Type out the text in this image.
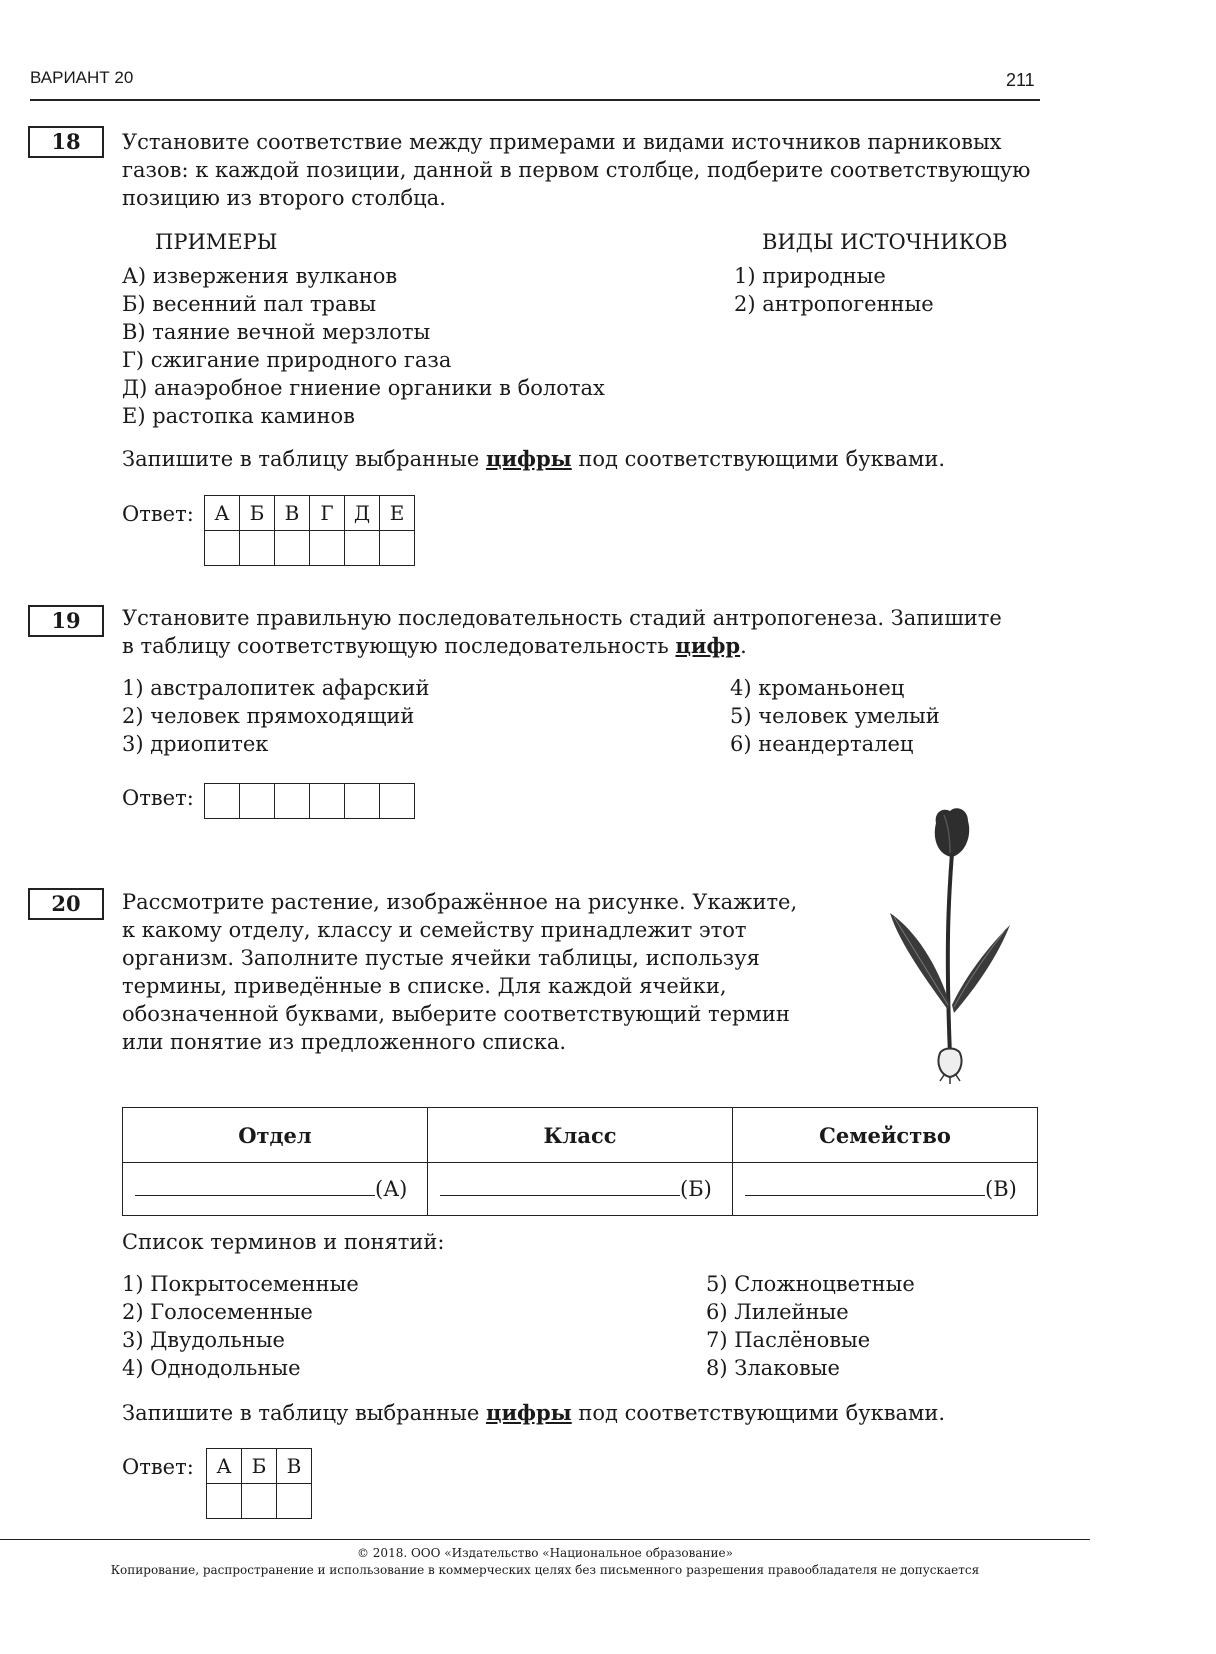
ВАРИАНТ 20	211
18	Установите соответствие между примерами и видами источников парниковых
газов: к каждой позиции, данной в первом столбце, подберите соответствующую
позицию из второго столбца.
ПРИМЕРЫ	ВИДЫ ИСТОЧНИКОВ
А) извержения вулканов
Б) весенний пал травы
В) таяние вечной мерзлоты
Г) сжигание природного газа
Д) анаэробное гниение органики в болотах
Е) растопка каминов
1) природные
2) антропогенные
Запишите в таблицу выбранные цифры под соответствующими буквами.
Ответ: А	Б	В	Г	Д	Е

19	Установите правильную последовательность стадий антропогенеза. Запишите
в таблицу соответствующую последовательность цифр.
1) австралопитек афарский
2) человек прямоходящий
3) дриопитек
4) кроманьонец
5) человек умелый
6) неандерталец
Ответ:

20	Рассмотрите растение, изображённое на рисунке. Укажите,
к какому отделу, классу и семейству принадлежит этот
организм. Заполните пустые ячейки таблицы, используя
термины, приведённые в списке. Для каждой ячейки,
обозначенной буквами, выберите соответствующий термин
или понятие из предложенного списка.
Отдел	Класс	Семейство
(А)	(Б)	(В)
Список терминов и понятий:
1) Покрытосеменные
2) Голосеменные
3) Двудольные
4) Однодольные
5) Сложноцветные
6) Лилейные
7) Паслёновые
8) Злаковые
Запишите в таблицу выбранные цифры под соответствующими буквами.
Ответ: А	Б	В

© 2018. ООО «Издательство «Национальное образование»
Копирование, распространение и использование в коммерческих целях без письменного разрешения правообладателя не допускается
